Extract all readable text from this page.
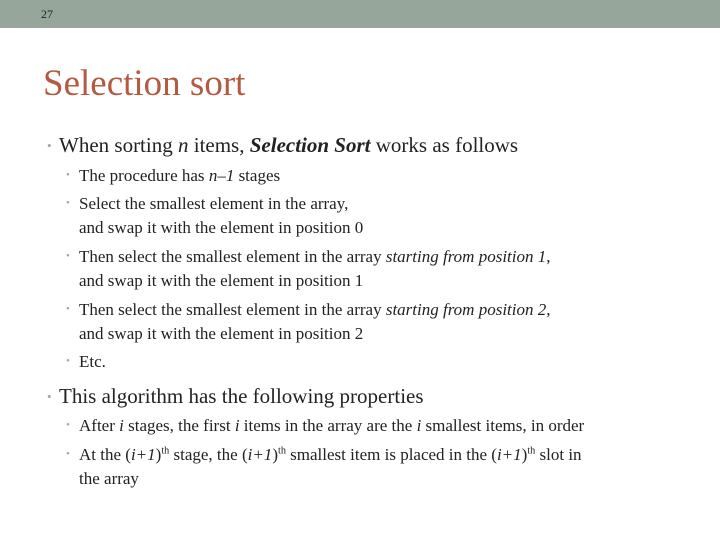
27
Selection sort
• When sorting n items, Selection Sort works as follows
• The procedure has n–1 stages
• Select the smallest element in the array,
and swap it with the element in position 0
• Then select the smallest element in the array starting from position 1,
and swap it with the element in position 1
• Then select the smallest element in the array starting from position 2,
and swap it with the element in position 2
• Etc.
• This algorithm has the following properties
• After i stages, the first i items in the array are the i smallest items, in order
• At the $(i+1)^{th}$ stage, the $(i+1)^{th}$ smallest item is placed in the $(i+1)^{th}$ slot in
the array
